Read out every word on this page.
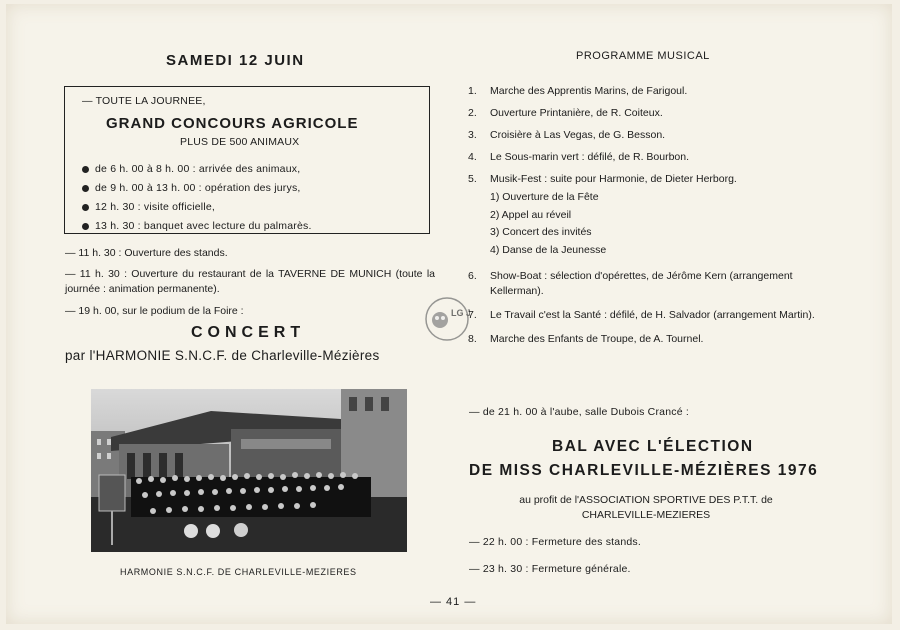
SAMEDI 12 JUIN
— TOUTE LA JOURNEE,
GRAND CONCOURS AGRICOLE
PLUS DE 500 ANIMAUX
de 6 h. 00 à 8 h. 00 : arrivée des animaux,
de 9 h. 00 à 13 h. 00 : opération des jurys,
12 h. 30 : visite officielle,
13 h. 30 : banquet avec lecture du palmarès.
— 11 h. 30 : Ouverture des stands.
— 11 h. 30 : Ouverture du restaurant de la TAVERNE DE MUNICH (toute la journée : animation permanente).
— 19 h. 00, sur le podium de la Foire :
CONCERT
par l'HARMONIE S.N.C.F. de Charleville-Mézières
HARMONIE S.N.C.F. DE CHARLEVILLE-MEZIERES
LG J
PROGRAMME MUSICAL
1.	Marche des Apprentis Marins, de Farigoul.
2.	Ouverture Printanière, de R. Coiteux.
3.	Croisière à Las Vegas, de G. Besson.
4.	Le Sous-marin vert : défilé, de R. Bourbon.
5.	Musik-Fest : suite pour Harmonie, de Dieter Herborg.
1) Ouverture de la Fête
2) Appel au réveil
3) Concert des invités
4) Danse de la Jeunesse
6.	Show-Boat : sélection d'opérettes, de Jérôme Kern (arrangement Kellerman).
7.	Le Travail c'est la Santé : défilé, de H. Salvador (arrangement Martin).
8.	Marche des Enfants de Troupe, de A. Tournel.
— de 21 h. 00 à l'aube, salle Dubois Crancé :
BAL AVEC L'ÉLECTION
DE MISS CHARLEVILLE-MÉZIÈRES 1976
au profit de l'ASSOCIATION SPORTIVE DES P.T.T. de CHARLEVILLE-MEZIERES
— 22 h. 00 : Fermeture des stands.
— 23 h. 30 : Fermeture générale.
— 41 —
